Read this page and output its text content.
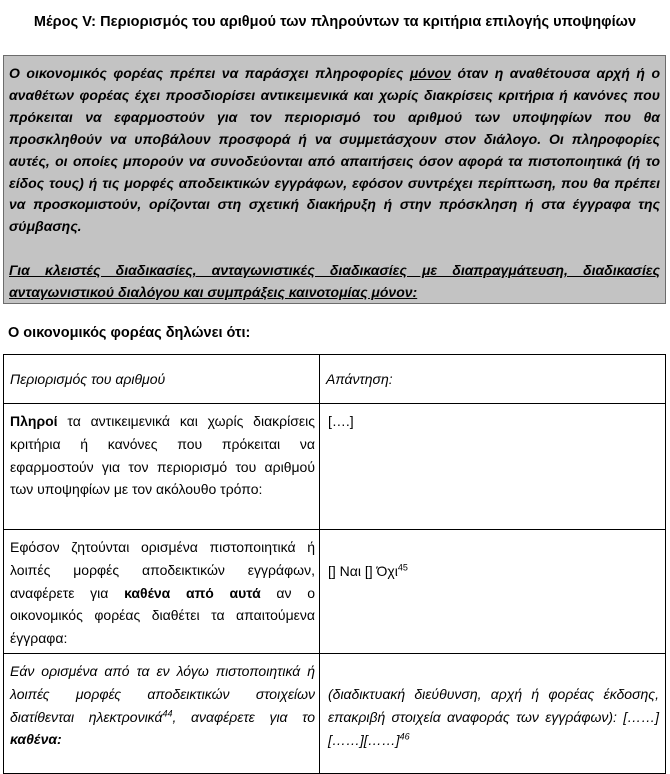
Μέρος V: Περιορισμός του αριθμού των πληρούντων τα κριτήρια επιλογής υποψηφίων

Ο οικονομικός φορέας πρέπει να παράσχει πληροφορίες μόνον όταν η αναθέτουσα αρχή ή ο αναθέτων φορέας έχει προσδιορίσει αντικειμενικά και χωρίς διακρίσεις κριτήρια ή κανόνες που πρόκειται να εφαρμοστούν για τον περιορισμό του αριθμού των υποψηφίων που θα προσκληθούν να υποβάλουν προσφορά ή να συμμετάσχουν στον διάλογο. Οι πληροφορίες αυτές, οι οποίες μπορούν να συνοδεύονται από απαιτήσεις όσον αφορά τα πιστοποιητικά (ή το είδος τους) ή τις μορφές αποδεικτικών εγγράφων, εφόσον συντρέχει περίπτωση, που θα πρέπει να προσκομιστούν, ορίζονται στη σχετική διακήρυξη ή στην πρόσκληση ή στα έγγραφα της σύμβασης.

Για κλειστές διαδικασίες, ανταγωνιστικές διαδικασίες με διαπραγμάτευση, διαδικασίες ανταγωνιστικού διαλόγου και συμπράξεις καινοτομίας μόνον:

Ο οικονομικός φορέας δηλώνει ότι:
Περιορισμός του αριθμού	Απάντηση:

Πληροί τα αντικειμενικά και χωρίς διακρίσεις κριτήρια ή κανόνες που πρόκειται να εφαρμοστούν για τον περιορισμό του αριθμού των υποψηφίων με τον ακόλουθο τρόπο:	[….]

Εφόσον ζητούνται ορισμένα πιστοποιητικά ή λοιπές μορφές αποδεικτικών εγγράφων, αναφέρετε για καθένα από αυτά αν ο οικονομικός φορέας διαθέτει τα απαιτούμενα έγγραφα:	[] Ναι [] Όχι$^{45}$

Εάν ορισμένα από τα εν λόγω πιστοποιητικά ή λοιπές μορφές αποδεικτικών στοιχείων διατίθενται ηλεκτρονικά$^{44}$, αναφέρετε για το καθένα:	(διαδικτυακή διεύθυνση, αρχή ή φορέας έκδοσης, επακριβή στοιχεία αναφοράς των εγγράφων): [……][……][……]$^{46}$
